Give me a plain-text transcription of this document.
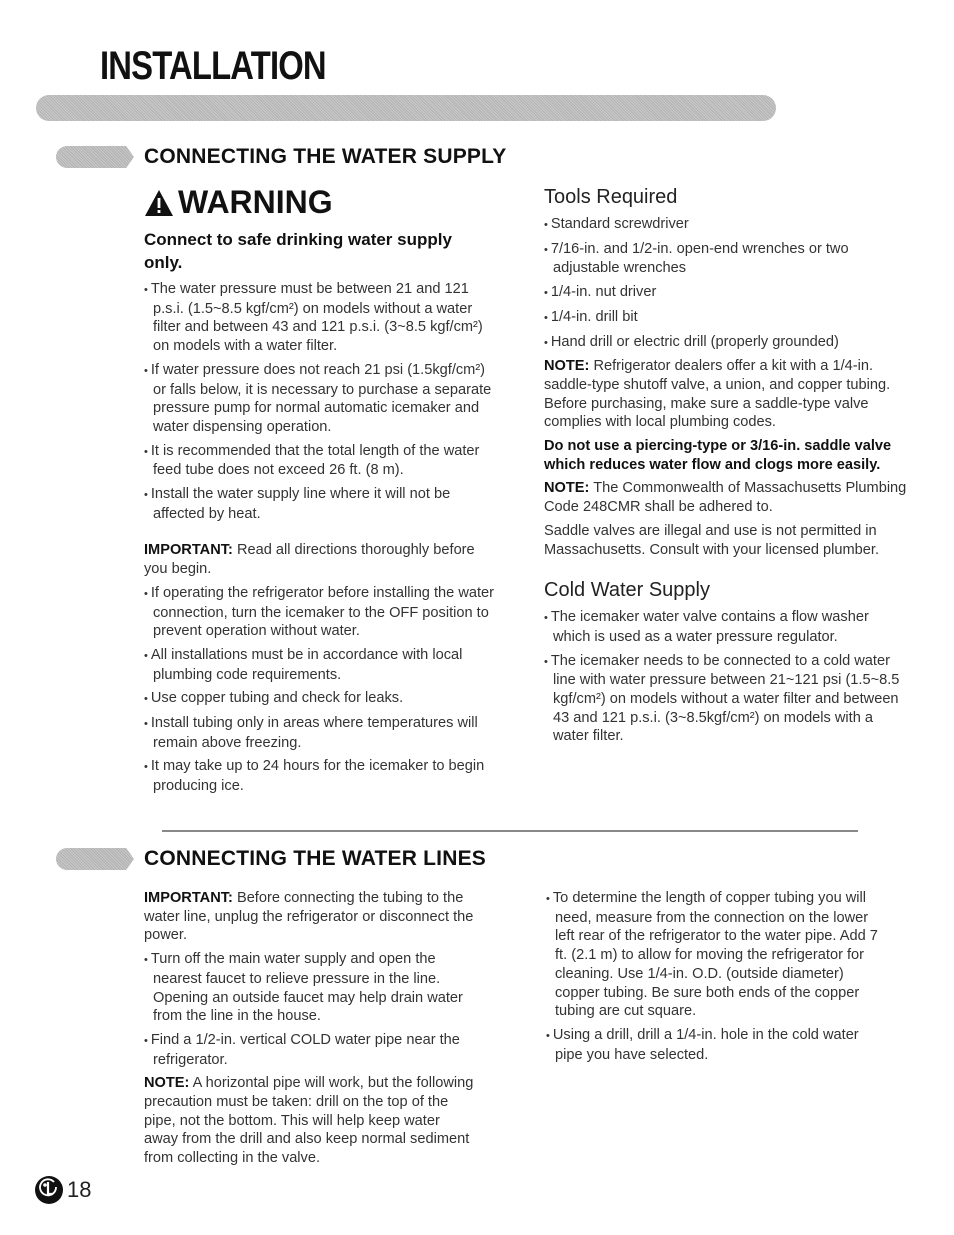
INSTALLATION
CONNECTING THE WATER SUPPLY
WARNING
Connect to safe drinking water supply only.
• The water pressure must be between 21 and 121 p.s.i. (1.5~8.5 kgf/cm²) on models without a water filter and between 43 and 121 p.s.i. (3~8.5 kgf/cm²) on models with a water filter.
• If water pressure does not reach 21 psi (1.5kgf/cm²) or falls below, it is necessary to purchase a separate pressure pump for normal automatic icemaker and water dispensing operation.
• It is recommended that the total length of the water feed tube does not exceed 26 ft. (8 m).
• Install the water supply line where it will not be affected by heat.

IMPORTANT: Read all directions thoroughly before you begin.

• If operating the refrigerator before installing the water connection, turn the icemaker to the OFF position to prevent operation without water.
• All installations must be in accordance with local plumbing code requirements.
• Use copper tubing and check for leaks.
• Install tubing only in areas where temperatures will remain above freezing.
• It may take up to 24 hours for the icemaker to begin producing ice.
Tools Required
• Standard screwdriver
• 7/16-in. and 1/2-in. open-end wrenches or two adjustable wrenches
• 1/4-in. nut driver
• 1/4-in. drill bit
• Hand drill or electric drill (properly grounded)

NOTE: Refrigerator dealers offer a kit with a 1/4-in. saddle-type shutoff valve, a union, and copper tubing. Before purchasing, make sure a saddle-type valve complies with local plumbing codes.

Do not use a piercing-type or 3/16-in. saddle valve which reduces water flow and clogs more easily.

NOTE: The Commonwealth of Massachusetts Plumbing Code 248CMR shall be adhered to.

Saddle valves are illegal and use is not permitted in Massachusetts. Consult with your licensed plumber.

Cold Water Supply
• The icemaker water valve contains a flow washer which is used as a water pressure regulator.
• The icemaker needs to be connected to a cold water line with water pressure between 21~121 psi (1.5~8.5 kgf/cm²) on models without a water filter and between 43 and 121 p.s.i. (3~8.5kgf/cm²) on models with a water filter.
CONNECTING THE WATER LINES

IMPORTANT: Before connecting the tubing to the water line, unplug the refrigerator or disconnect the power.

• Turn off the main water supply and open the nearest faucet to relieve pressure in the line. Opening an outside faucet may help drain water from the line in the house.
• Find a 1/2-in. vertical COLD water pipe near the refrigerator.

NOTE: A horizontal pipe will work, but the following precaution must be taken: drill on the top of the pipe, not the bottom. This will help keep water away from the drill and also keep normal sediment from collecting in the valve.

• To determine the length of copper tubing you will need, measure from the connection on the lower left rear of the refrigerator to the water pipe. Add 7 ft. (2.1 m) to allow for moving the refrigerator for cleaning. Use 1/4-in. O.D. (outside diameter) copper tubing. Be sure both ends of the copper tubing are cut square.
• Using a drill, drill a 1/4-in. hole in the cold water pipe you have selected.
18
